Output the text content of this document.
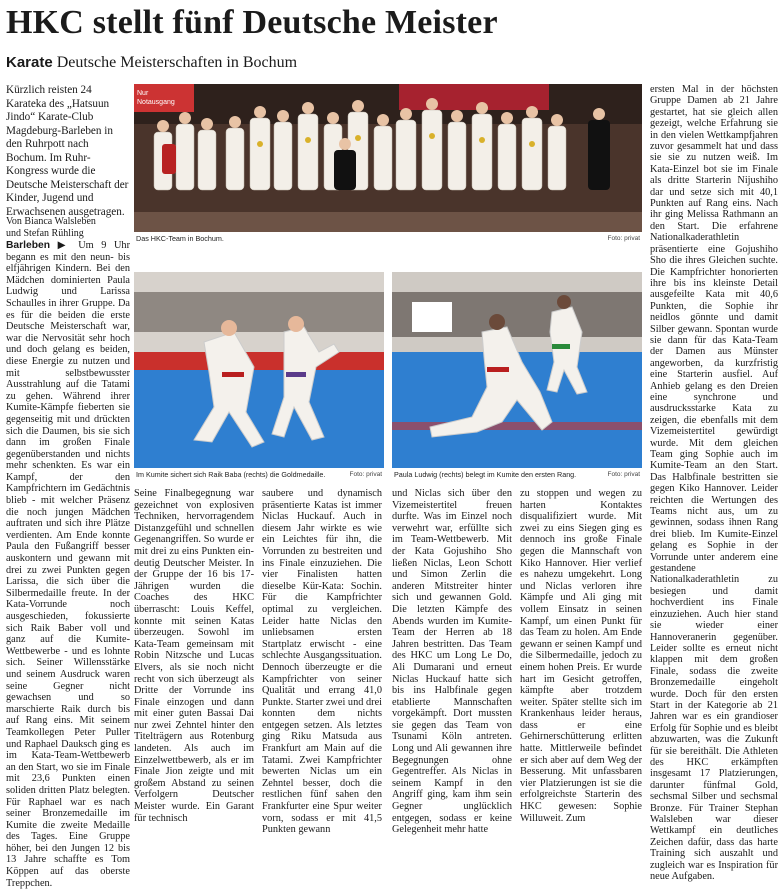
HKC stellt fünf Deutsche Meister
Karate Deutsche Meisterschaften in Bochum
Kürzlich reisten 24 Karateka des „Hatsuun Jindo“ Karate-Club Magdeburg-Barleben in den Ruhrpott nach Bochum. Im Ruhr-Kongress wurde die Deutsche Meisterschaft der Kinder, Jugend und Erwachsenen ausgetragen.
Von Bianca Walsleben
und Stefan Rühling
Barleben ▶ Um 9 Uhr begann es mit den neun- bis elfjährigen Kindern. Bei den Mädchen dominierten Paula Ludwig und Larissa Schaulles in ihrer Gruppe. Da es für die beiden die erste Deutsche Meisterschaft war, war die Nervosität sehr hoch und doch gelang es beiden, diese Energie zu nutzen und mit selbstbewusster Ausstrahlung auf die Tatami zu gehen. Während ihrer Kumite-Kämpfe fieberten sie gegenseitig mit und drückten sich die Daumen, bis sie sich dann im großen Finale gegenüberstanden und nichts mehr schenkten. Es war ein Kampf, der den Kampfrichtern im Gedächtnis blieb - mit welcher Präsenz die noch jungen Mädchen auftraten und sich ihre Plätze verdienten. Am Ende konnte Paula den Fußangriff besser auskontern und gewann mit drei zu zwei Punkten gegen Larissa, die sich über die Silbermedaille freute. In der Kata-Vorrunde noch ausgeschieden, fokussierte sich Raik Baber voll und ganz auf die Kumite-Wettbewerbe - und es lohnte sich. Seiner Willensstärke und seinem Ausdruck waren seine Gegner nicht gewachsen und so marschierte Raik durch bis auf Rang eins. Mit seinem Teamkollegen Peter Puller und Raphael Dauksch ging es im Kata-Team-Wettbewerb an den Start, wo sie im Finale mit 23,6 Punkten einen soliden dritten Platz belegten. Für Raphael war es nach seiner Bronzemedaille im Kumite die zweite Medaille des Tages. Eine Gruppe höher, bei den Jungen 12 bis 13 Jahre schaffte es Tom Köppen auf das oberste Treppchen.
Nur
Notausgang
Das HKC-Team in Bochum.	Foto: privat
Im Kumite sichert sich Raik Baba (rechts) die Goldmedaille.	Foto: privat Paula Ludwig (rechts) belegt im Kumite den ersten Rang.	Foto: privat
Seine Finalbegegnung war gezeichnet von explosiven Techniken, hervorragendem Distanzgefühl und schnellen Gegenangriffen. So wurde er mit drei zu eins Punkten ein-deutig Deutscher Meister. In der Gruppe der 16 bis 17-Jährigen wurden die Coaches des HKC überrascht: Louis Keffel, konnte mit seinen Katas überzeugen. Sowohl im Kata-Team gemeinsam mit Robin Nitzsche und Lucas Elvers, als sie noch nicht recht von sich überzeugt als Dritte der Vorrunde ins Finale einzogen und dann mit einer guten Bassai Dai nur zwei Zehntel hinter den Titelträgern aus Rotenburg landeten. Als auch im Einzelwettbewerb, als er im Finale Jion zeigte und mit großem Abstand zu seinen Verfolgern Deutscher Meister wurde. Ein Garant für technisch
saubere und dynamisch präsentierte Katas ist immer Niclas Huckauf. Auch in diesem Jahr wirkte es wie ein Leichtes für ihn, die Vorrunden zu bestreiten und ins Finale einzuziehen. Die vier Finalisten hatten dieselbe Kür-Kata: Sochin. Für die Kampfrichter optimal zu vergleichen. Leider hatte Niclas den unliebsamen ersten Startplatz erwischt - eine schlechte Ausgangssituation. Dennoch überzeugte er die Kampfrichter von seiner Qualität und errang 41,0 Punkte. Starter zwei und drei konnten dem nichts entgegen setzen. Als letztes ging Riku Matsuda aus Frankfurt am Main auf die Tatami. Zwei Kampfrichter bewerten Niclas um ein Zehntel besser, doch die restlichen fünf sahen den Frankfurter eine Spur weiter vorn, sodass er mit 41,5 Punkten gewann
und Niclas sich über den Vizemeistertitel freuen durfte. Was im Einzel noch verwehrt war, erfüllte sich im Team-Wettbewerb. Mit der Kata Gojushiho Sho ließen Niclas, Leon Schott und Simon Zerlin die anderen Mitstreiter hinter sich und gewannen Gold. Die letzten Kämpfe des Abends wurden im Kumite-Team der Herren ab 18 Jahren bestritten. Das Team des HKC um Long Le Do, Ali Dumarani und erneut Niclas Huckauf hatte sich bis ins Halbfinale gegen etablierte Mannschaften vorgekämpft. Dort mussten sie gegen das Team von Tsunami Köln antreten. Long und Ali gewannen ihre Begegnungen ohne Gegentreffer. Als Niclas in seinem Kampf in den Angriff ging, kam ihm sein Gegner unglücklich entgegen, sodass er keine Gelegenheit mehr hatte
zu stoppen und wegen zu harten Kontaktes disqualifiziert wurde. Mit zwei zu eins Siegen ging es dennoch ins große Finale gegen die Mannschaft von Kiko Hannover. Hier verlief es nahezu umgekehrt. Long und Niclas verloren ihre Kämpfe und Ali ging mit vollem Einsatz in seinen Kampf, um einen Punkt für das Team zu holen. Am Ende gewann er seinen Kampf und die Silbermedaille, jedoch zu einem hohen Preis. Er wurde hart im Gesicht getroffen, kämpfte aber trotzdem weiter. Später stellte sich im Krankenhaus leider heraus, dass er eine Gehirnerschütterung erlitten hatte. Mittlerweile befindet er sich aber auf dem Weg der Besserung. Mit unfassbaren vier Platzierungen ist sie die erfolgreichste Starterin des HKC gewesen: Sophie Willuweit. Zum
ersten Mal in der höchsten Gruppe Damen ab 21 Jahre gestartet, hat sie gleich allen gezeigt, welche Erfahrung sie in den vielen Wettkampfjahren zuvor gesammelt hat und dass sie sie zu nutzen weiß. Im Kata-Einzel bot sie im Finale als dritte Starterin Nijushiho dar und setze sich mit 40,1 Punkten auf Rang eins. Nach ihr ging Melissa Rathmann an den Start. Die erfahrene Nationalkaderathletin präsentierte eine Gojushiho Sho die ihres Gleichen suchte. Die Kampfrichter honorierten ihre bis ins kleinste Detail ausgefeilte Kata mit 40,6 Punkten, die Sophie ihr neidlos gönnte und damit Silber gewann. Spontan wurde sie dann für das Kata-Team der Damen aus Münster angeworben, da kurzfristig eine Starterin ausfiel. Auf Anhieb gelang es den Dreien eine synchrone und ausdrucksstarke Kata zu zeigen, die ebenfalls mit dem Vizemeistertitel gewürdigt wurde. Mit dem gleichen Team ging Sophie auch im Kumite-Team an den Start. Das Halbfinale bestritten sie gegen Kiko Hannover. Leider reichten die Wertungen des Teams nicht aus, um zu gewinnen, sodass ihnen Rang drei blieb. Im Kumite-Einzel gelang es Sophie in der Vorrunde unter anderem eine gestandene Nationalkaderathletin zu besiegen und damit hochverdient ins Finale einzuziehen. Auch hier stand sie wieder einer Hannoveranerin gegenüber. Leider sollte es erneut nicht klappen mit dem großen Finale, sodass die zweite Bronzemedaille eingeholt wurde. Doch für den ersten Start in der Kategorie ab 21 Jahren war es ein grandioser Erfolg für Sophie und es bleibt abzuwarten, was die Zukunft für sie bereithält. Die Athleten des HKC erkämpften insgesamt 17 Platzierungen, darunter fünfmal Gold, sechsmal Silber und sechsmal Bronze. Für Trainer Stephan Walsleben war dieser Wettkampf ein deutliches Zeichen dafür, dass das harte Training sich auszahlt und zugleich war es Inspiration für neue Aufgaben.
